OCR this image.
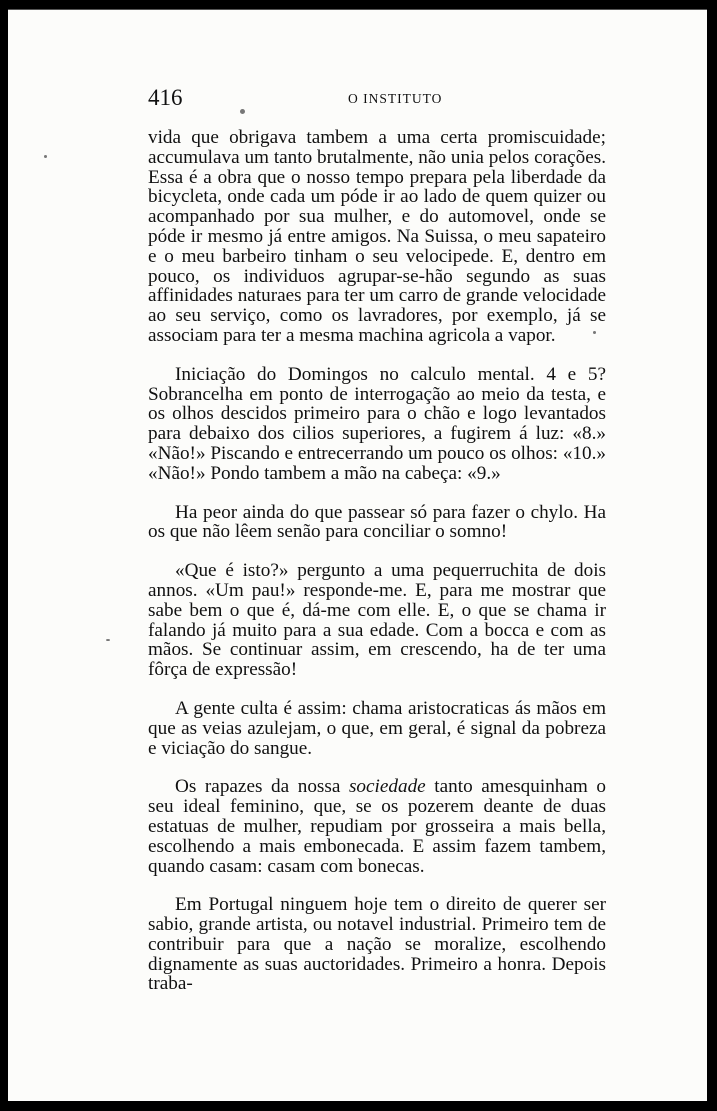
416	O INSTITUTO

vida que obrigava tambem a uma certa promiscuidade; accumulava um tanto brutalmente, não unia pelos corações. Essa é a obra que o nosso tempo prepara pela liberdade da bicycleta, onde cada um póde ir ao lado de quem quizer ou acompanhado por sua mulher, e do automovel, onde se póde ir mesmo já entre amigos. Na Suissa, o meu sapateiro e o meu barbeiro tinham o seu velocipede. E, dentro em pouco, os individuos agrupar-se-hão segundo as suas affinidades naturaes para ter um carro de grande velocidade ao seu serviço, como os lavradores, por exemplo, já se associam para ter a mesma machina agricola a vapor.

Iniciação do Domingos no calculo mental. 4 e 5? Sobrancelha em ponto de interrogação ao meio da testa, e os olhos descidos primeiro para o chão e logo levantados para debaixo dos cilios superiores, a fugirem á luz: «8.» «Não!» Piscando e entrecerrando um pouco os olhos: «10.» «Não!» Pondo tambem a mão na cabeça: «9.»

Ha peor ainda do que passear só para fazer o chylo. Ha os que não lêem senão para conciliar o somno!

«Que é isto?» pergunto a uma pequerruchita de dois annos. «Um pau!» responde-me. E, para me mostrar que sabe bem o que é, dá-me com elle. E, o que se chama ir falando já muito para a sua edade. Com a bocca e com as mãos. Se continuar assim, em crescendo, ha de ter uma fôrça de expressão!

A gente culta é assim: chama aristocraticas ás mãos em que as veias azulejam, o que, em geral, é signal da pobreza e viciação do sangue.

Os rapazes da nossa sociedade tanto amesquinham o seu ideal feminino, que, se os pozerem deante de duas estatuas de mulher, repudiam por grosseira a mais bella, escolhendo a mais embonecada. E assim fazem tambem, quando casam: casam com bonecas.

Em Portugal ninguem hoje tem o direito de querer ser sabio, grande artista, ou notavel industrial. Primeiro tem de contribuir para que a nação se moralize, escolhendo dignamente as suas auctoridades. Primeiro a honra. Depois traba-
